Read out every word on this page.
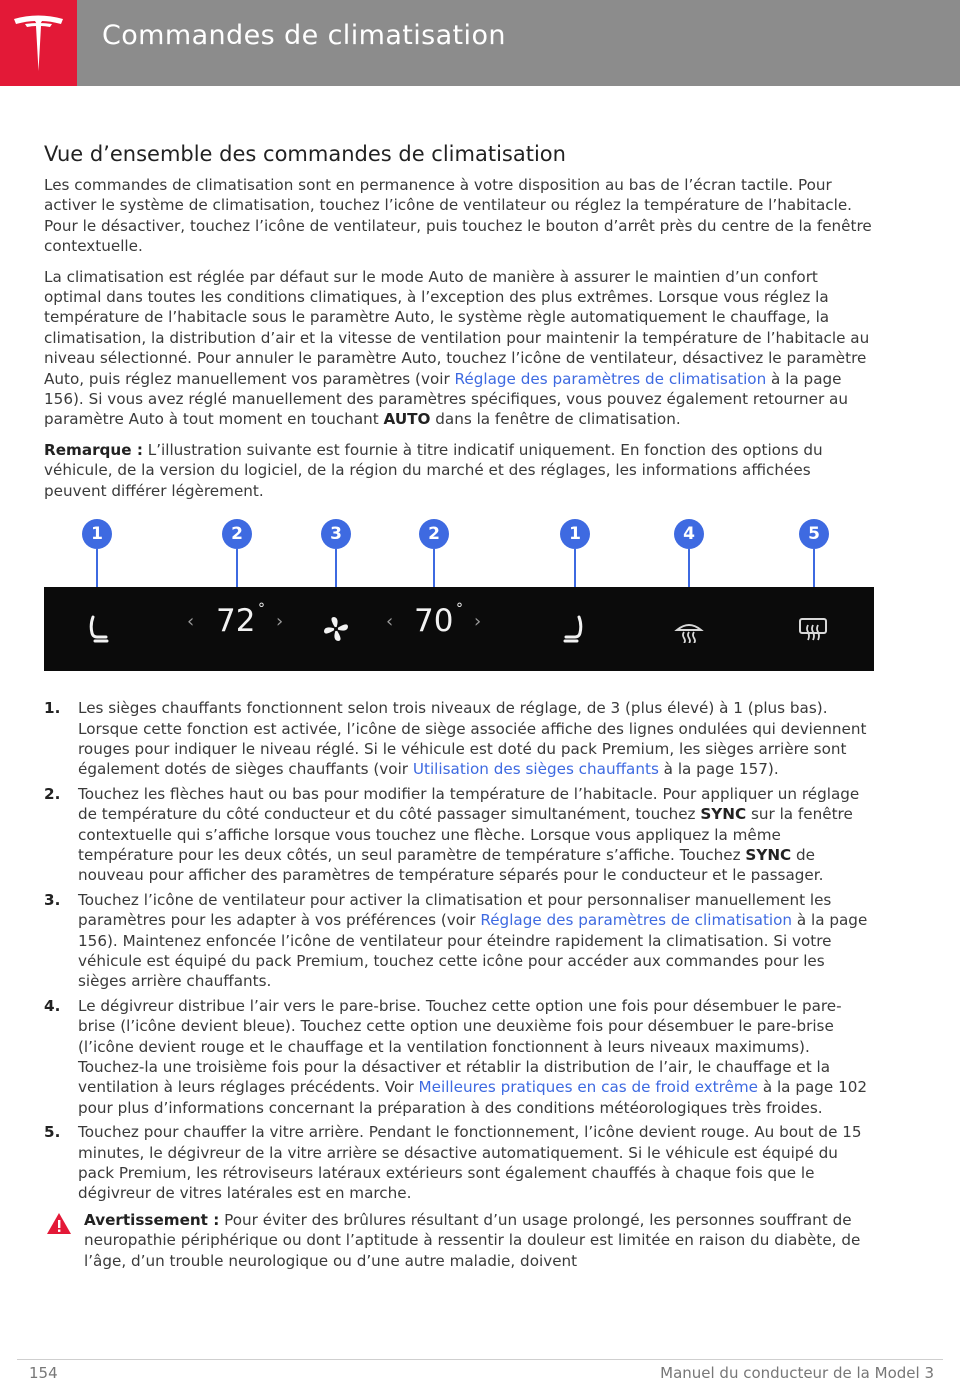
Commandes de climatisation
Vue d’ensemble des commandes de climatisation

Les commandes de climatisation sont en permanence à votre disposition au bas de l’écran tactile. Pour activer le système de climatisation, touchez l’icône de ventilateur ou réglez la température de l’habitacle. Pour le désactiver, touchez l’icône de ventilateur, puis touchez le bouton d’arrêt près du centre de la fenêtre contextuelle.

La climatisation est réglée par défaut sur le mode Auto de manière à assurer le maintien d’un confort optimal dans toutes les conditions climatiques, à l’exception des plus extrêmes. Lorsque vous réglez la température de l’habitacle sous le paramètre Auto, le système règle automatiquement le chauffage, la climatisation, la distribution d’air et la vitesse de ventilation pour maintenir la température de l’habitacle au niveau sélectionné. Pour annuler le paramètre Auto, touchez l’icône de ventilateur, désactivez le paramètre Auto, puis réglez manuellement vos paramètres (voir Réglage des paramètres de climatisation à la page 156). Si vous avez réglé manuellement des paramètres spécifiques, vous pouvez également retourner au paramètre Auto à tout moment en touchant AUTO dans la fenêtre de climatisation.

Remarque : L’illustration suivante est fournie à titre indicatif uniquement. En fonction des options du véhicule, de la version du logiciel, de la région du marché et des réglages, les informations affichées peuvent différer légèrement.

1	2	3	2	1	4	5
‹ 72 °
›	‹ 70 °
›
1. Les sièges chauffants fonctionnent selon trois niveaux de réglage, de 3 (plus élevé) à 1 (plus bas). Lorsque cette fonction est activée, l’icône de siège associée affiche des lignes ondulées qui deviennent rouges pour indiquer le niveau réglé. Si le véhicule est doté du pack Premium, les sièges arrière sont également dotés de sièges chauffants (voir Utilisation des sièges chauffants à la page 157).
2. Touchez les flèches haut ou bas pour modifier la température de l’habitacle. Pour appliquer un réglage de température du côté conducteur et du côté passager simultanément, touchez SYNC sur la fenêtre contextuelle qui s’affiche lorsque vous touchez une flèche. Lorsque vous appliquez la même température pour les deux côtés, un seul paramètre de température s’affiche. Touchez SYNC de nouveau pour afficher des paramètres de température séparés pour le conducteur et le passager.
3. Touchez l’icône de ventilateur pour activer la climatisation et pour personnaliser manuellement les paramètres pour les adapter à vos préférences (voir Réglage des paramètres de climatisation à la page 156). Maintenez enfoncée l’icône de ventilateur pour éteindre rapidement la climatisation. Si votre véhicule est équipé du pack Premium, touchez cette icône pour accéder aux commandes pour les sièges arrière chauffants.
4. Le dégivreur distribue l’air vers le pare-brise. Touchez cette option une fois pour désembuer le pare-brise (l’icône devient bleue). Touchez cette option une deuxième fois pour désembuer le pare-brise (l’icône devient rouge et le chauffage et la ventilation fonctionnent à leurs niveaux maximums). Touchez-la une troisième fois pour la désactiver et rétablir la distribution de l’air, le chauffage et la ventilation à leurs réglages précédents. Voir Meilleures pratiques en cas de froid extrême à la page 102 pour plus d’informations concernant la préparation à des conditions météorologiques très froides.
5. Touchez pour chauffer la vitre arrière. Pendant le fonctionnement, l’icône devient rouge. Au bout de 15 minutes, le dégivreur de la vitre arrière se désactive automatiquement. Si le véhicule est équipé du pack Premium, les rétroviseurs latéraux extérieurs sont également chauffés à chaque fois que le dégivreur de vitres latérales est en marche.

Avertissement : Pour éviter des brûlures résultant d’un usage prolongé, les personnes souffrant de neuropathie périphérique ou dont l’aptitude à ressentir la douleur est limitée en raison du diabète, de l’âge, d’un trouble neurologique ou d’une autre maladie, doivent

154	Manuel du conducteur de la Model 3
